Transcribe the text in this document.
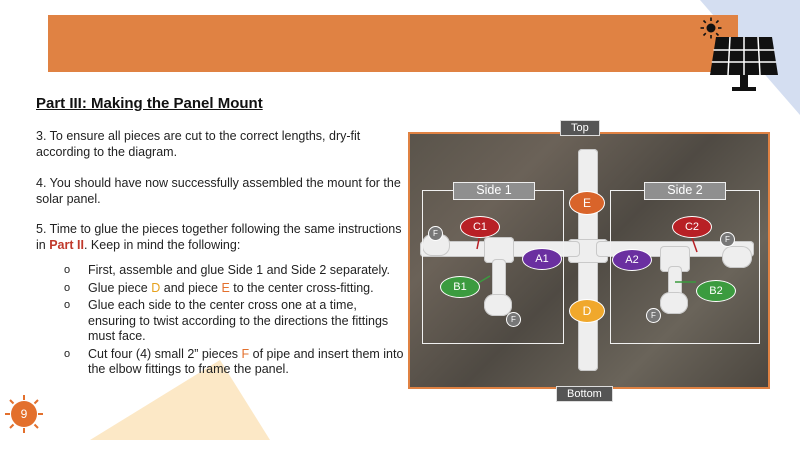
Part III: Making the Panel Mount
3. To ensure all pieces are cut to the correct lengths, dry-fit according to the diagram.
4. You should have now successfully assembled the mount for the solar panel.
5. Time to glue the pieces together following the same instructions in Part II. Keep in mind the following:
o First, assemble and glue Side 1 and Side 2 separately.
o Glue piece D and piece E to the center cross-fitting.
o Glue each side to the center cross one at a time, ensuring to twist according to the directions the fittings must face.
o Cut four (4) small 2” pieces F of pipe and insert them into the elbow fittings to frame the panel.
Side 1	Side 2
E
D
A1	A2
B1	B2
C1	C2
F
F
F
F
Top
Bottom
9
